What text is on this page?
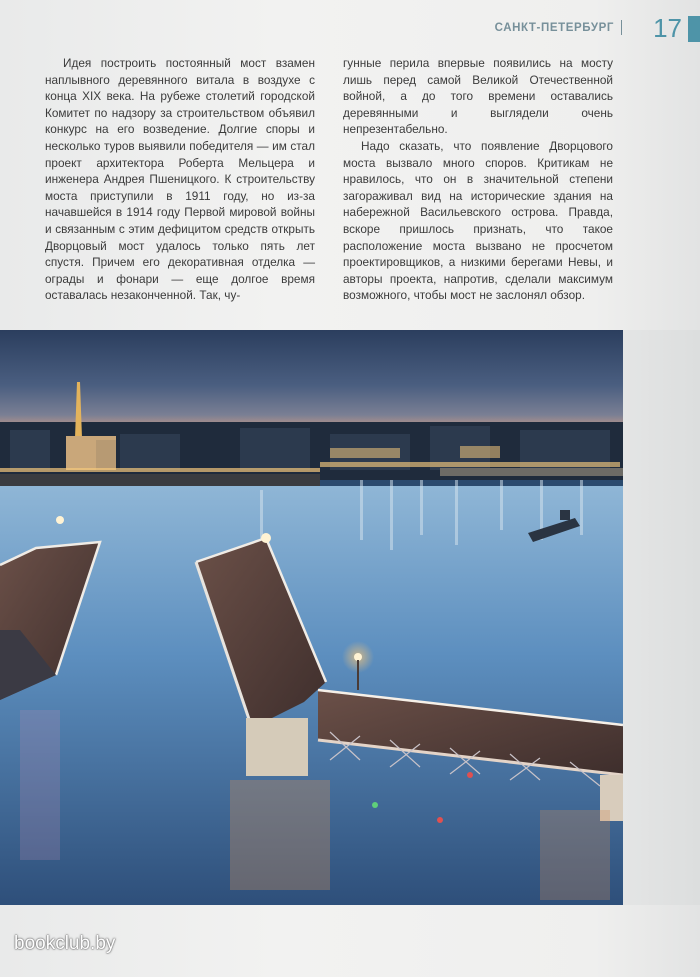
САНКТ-ПЕТЕРБУРГ 17

Идея построить постоянный мост взамен наплывного деревянного витала в воздухе с конца XIX века. На рубеже столетий городской Комитет по надзору за строительством объявил конкурс на его возведение. Долгие споры и несколько туров выявили победителя — им стал проект архитектора Роберта Мельцера и инженера Андрея Пшеницкого. К строительству моста приступили в 1911 году, но из-за начавшейся в 1914 году Первой мировой войны и связанным с этим дефицитом средств открыть Дворцовый мост удалось только пять лет спустя. Причем его декоративная отделка — ограды и фонари — еще долгое время оставалась незаконченной. Так, чу-

гунные перила впервые появились на мосту лишь перед самой Великой Отечественной войной, а до того времени оставались деревянными и выглядели очень непрезентабельно.

Надо сказать, что появление Дворцового моста вызвало много споров. Критикам не нравилось, что он в значительной степени загораживал вид на исторические здания на набережной Васильевского острова. Правда, вскоре пришлось признать, что такое расположение моста вызвано не просчетом проектировщиков, а низкими берегами Невы, и авторы проекта, напротив, сделали максимум возможного, чтобы мост не заслонял обзор.

bookclub.by
